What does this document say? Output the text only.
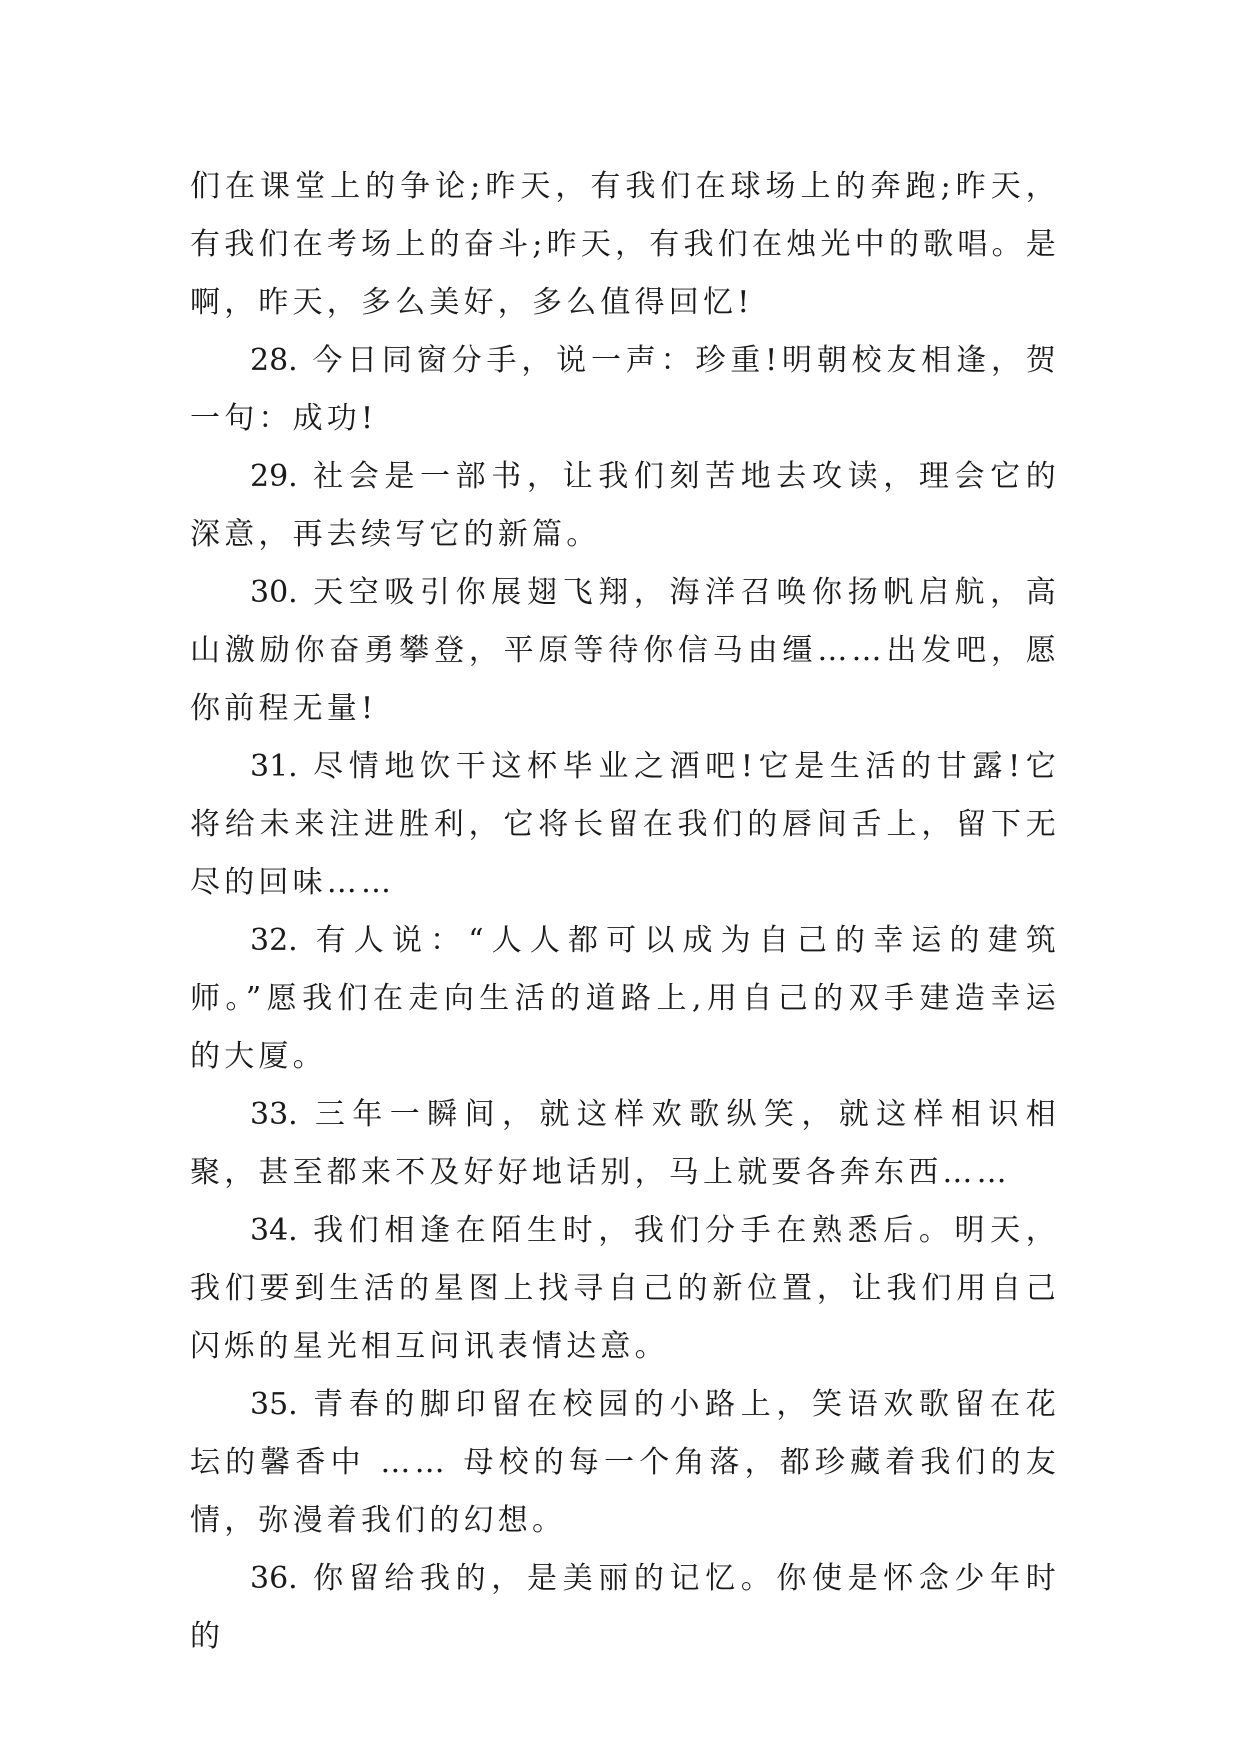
们在课堂上的争论;昨天，有我们在球场上的奔跑;昨天，有我们在考场上的奋斗;昨天，有我们在烛光中的歌唱。是啊，昨天，多么美好，多么值得回忆!

28. 今日同窗分手，说一声：珍重!明朝校友相逢，贺一句：成功!

29. 社会是一部书，让我们刻苦地去攻读，理会它的深意，再去续写它的新篇。

30. 天空吸引你展翅飞翔，海洋召唤你扬帆启航，高山激励你奋勇攀登，平原等待你信马由缰……出发吧，愿你前程无量!

31. 尽情地饮干这杯毕业之酒吧!它是生活的甘露!它将给未来注进胜利，它将长留在我们的唇间舌上，留下无尽的回味……

32. 有人说：“人人都可以成为自己的幸运的建筑师。”愿我们在走向生活的道路上,用自己的双手建造幸运的大厦。

33. 三年一瞬间，就这样欢歌纵笑，就这样相识相聚，甚至都来不及好好地话别，马上就要各奔东西……

34. 我们相逢在陌生时，我们分手在熟悉后。明天，我们要到生活的星图上找寻自己的新位置，让我们用自己闪烁的星光相互问讯表情达意。

35. 青春的脚印留在校园的小路上，笑语欢歌留在花坛的馨香中 …… 母校的每一个角落，都珍藏着我们的友情，弥漫着我们的幻想。

36. 你留给我的，是美丽的记忆。你使是怀念少年时的
